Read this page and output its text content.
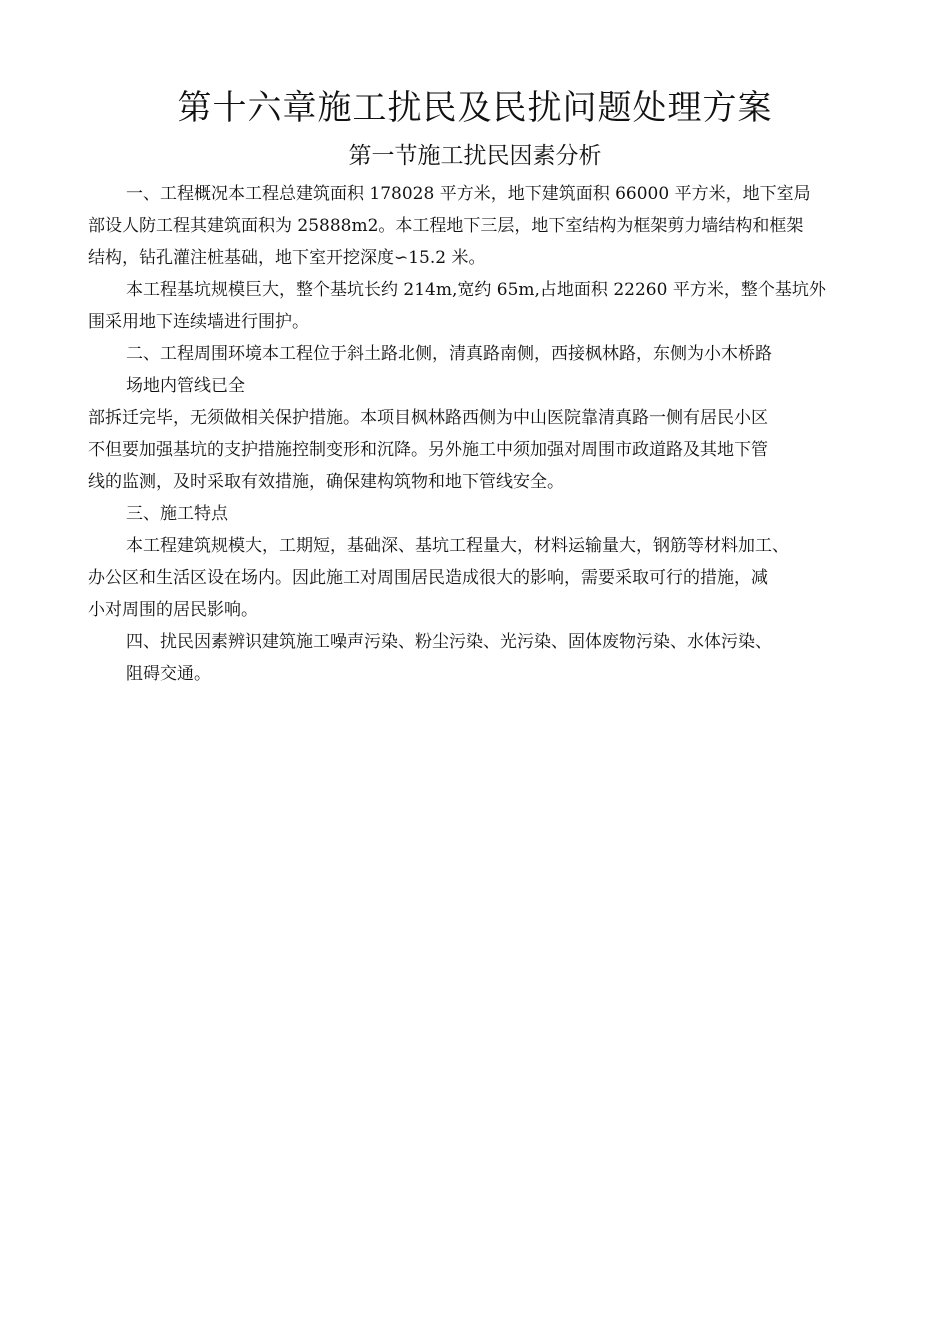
第十六章施工扰民及民扰问题处理方案
第一节施工扰民因素分析
一、工程概况本工程总建筑面积 178028 平方米，地下建筑面积 66000 平方米，地下室局
部设人防工程其建筑面积为 25888m2。本工程地下三层，地下室结构为框架剪力墙结构和框架
结构，钻孔灌注桩基础，地下室开挖深度∽15.2 米。
本工程基坑规模巨大，整个基坑长约 214m,宽约 65m,占地面积 22260 平方米，整个基坑外
围采用地下连续墙进行围护。
二、工程周围环境本工程位于斜土路北侧，清真路南侧，西接枫林路，东侧为小木桥路
场地内管线已全
部拆迁完毕，无须做相关保护措施。本项目枫林路西侧为中山医院靠清真路一侧有居民小区
不但要加强基坑的支护措施控制变形和沉降。另外施工中须加强对周围市政道路及其地下管
线的监测，及时采取有效措施，确保建构筑物和地下管线安全。
三、施工特点
本工程建筑规模大，工期短，基础深、基坑工程量大，材料运输量大，钢筋等材料加工、
办公区和生活区设在场内。因此施工对周围居民造成很大的影响，需要采取可行的措施，减
小对周围的居民影响。
四、扰民因素辨识建筑施工噪声污染、粉尘污染、光污染、固体废物污染、水体污染、
阻碍交通。
